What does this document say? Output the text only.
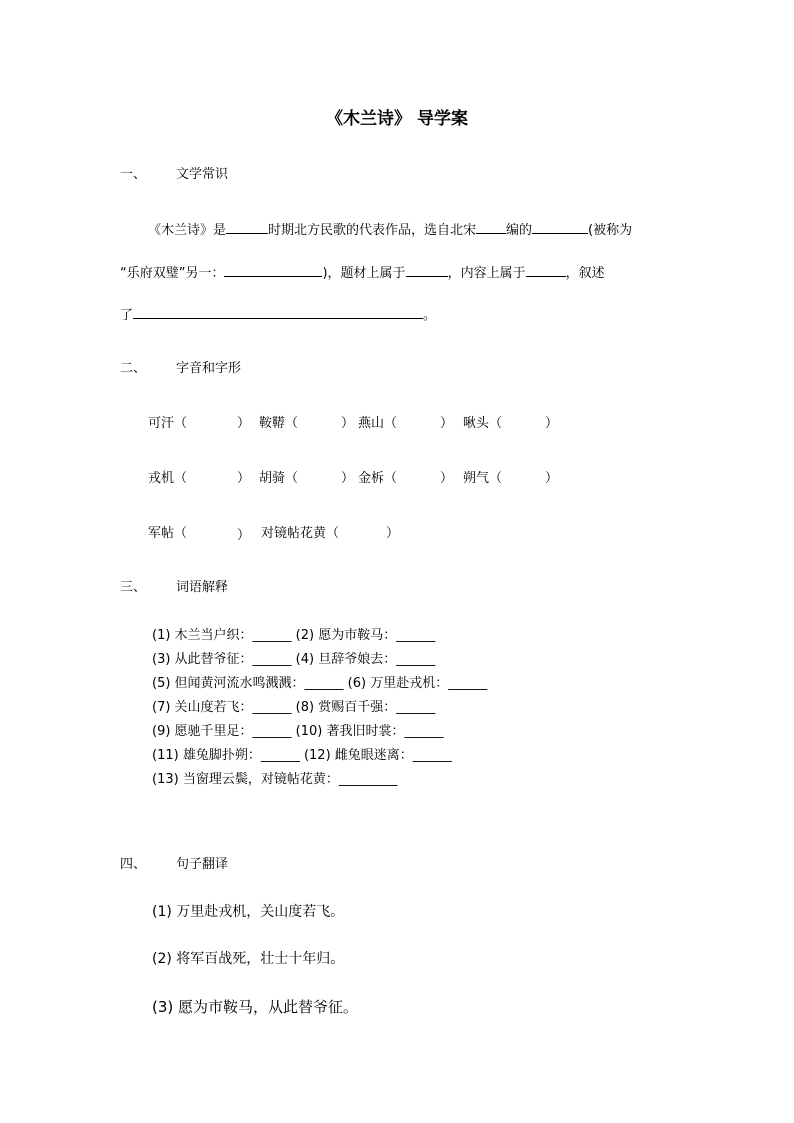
《木兰诗》 导学案
一、 文学常识
《木兰诗》是	时期北方民歌的代表作品，选自北宋 编的	(被称为
“乐府双璧”另一：	)，题材上属于	，内容上属于	，叙述
了	。
二、 字音和字形
可汗（	） 鞍鞯（	） 燕山（	） 啾头（	）
戎机（	） 胡骑（	） 金柝（	） 朔气（	）
军帖（	） 对镜帖花黄（	）
三、 词语解释
(1) 木兰当户织：______ (2) 愿为市鞍马：______
(3) 从此替爷征：______ (4) 旦辞爷娘去：______
(5) 但闻黄河流水鸣溅溅：______ (6) 万里赴戎机：______
(7) 关山度若飞：______ (8) 赏赐百千强：______
(9) 愿驰千里足：______ (10) 著我旧时裳：______
(11) 雄兔脚扑朔：______ (12) 雌兔眼迷离：______
(13) 当窗理云鬓，对镜帖花黄：_________
四、 句子翻译
(1) 万里赴戎机，关山度若飞。
(2) 将军百战死，壮士十年归。
(3) 愿为市鞍马，从此替爷征。
